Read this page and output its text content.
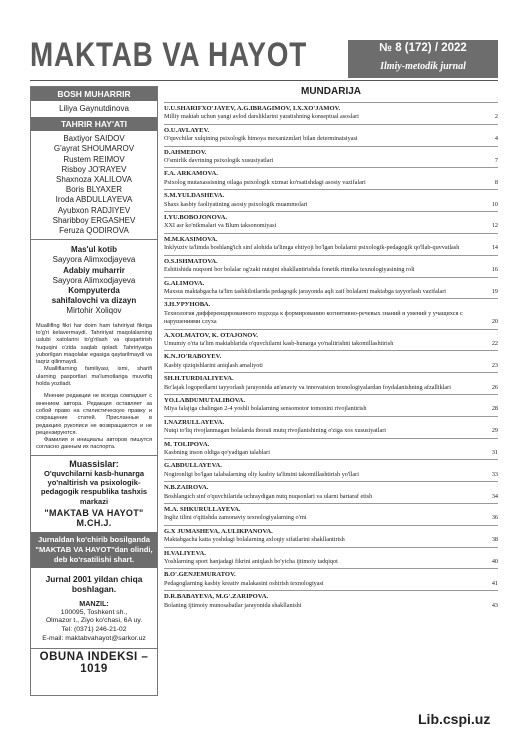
MAKTAB VA HAYOT	№ 8 (172) / 2022
Ilmiy-metodik jurnal
BOSH MUHARRIR
Liliya Gaynutdinova
TAHRIR HAY'ATI
Baxtiyor SAIDOV
G'ayrat SHOUMAROV
Rustem REIMOV
Risboy JO'RAYEV
Shaxnoza XALILOVA
Boris BLYAXER
Iroda ABDULLAYEVA
Ayubxon RADJIYEV
Sharibboy ERGASHEV
Feruza QODIROVA
Mas'ul kotib
Sayyora Alimxodjayeva
Adabiy muharrir
Sayyora Alimxodjayeva
Kompyuterda sahifalovchi va dizayn
Mirtohir Xoliqov
Mualliflng fikri har doim ham tahririyat fikriga to'g'ri kelavermaydi. Tahririyat maqolalarning uslubi xatolarini to'g'rilash va qisqartirish huquqini o'zida saqlab qoladi. Tahririyatga yuborilgan maqolalar egasiga qaytarilmaydi va taqriz qilinmaydi.
Mualliflarning familiyasi, ismi, sharifi ularning pasportlari ma'lumotlariga muvofiq holda yoziladi.
Мнение редакции не всегда совпадает с мнением автора. Редакция оставляет за собой право на стилистическую правку и сокращение статей. Присланные в редакцию рукописи не возвращаются и не рецензируются.
Фамилия и инициалы авторов пишутся согласно данным их паспорта.
Muassislar:
O'quvchilarni kasb-hunarga yo'naltirish va psixologik-pedagogik respublika tashxis markazi
"MAKTAB VA HAYOT" M.CH.J.
Jurnaldan ko'chirib bosilganda "MAKTAB VA HAYOT"dan olindi, deb ko'rsatilishi shart.
Jurnal 2001 yildan chiqa boshlagan.
MANZIL:
100095, Toshkent sh.,
Olmazor t., Ziyo ko'chasi, 6A uy.
Tel: (0371) 246-21-02
E-mail: maktabvahayot@sarkor.uz
OBUNA INDEKSI – 1019
MUNDARIJA
U.U.SHARIFXO'JAYEV, A.G.IBRAGIMOV, I.X.XO'JAMOV.
Milliy maktab uchun yangi avlod darsliklarini yaratishning konseptual asoslari	2
O.U.AVLAYEV.
O'quvchilar xulqining psixologik himoya mexanizmlari bilan determinatsiyasi	4
D.AHMEDOV.
O'smirlik davrining psixologik xususiyatlari	7
F.A. ARKAMOVA.
Psixolog mutaxassisning oilaga psixologik xizmat ko'rsatishdagi asosiy vazifalari	8
S.M.YULDASHEVA.
Shaxs kasbiy faoliyatining asosiy psixologik muammolari	10
I.YU.BOBOJONOVA.
XXI asr ko'nikmalari va Blum taksonomiyasi	12
M.M.KASIMOVA.
Inklyuziv ta'limda boshlang'ich sinf alohida ta'limga ehtiyoji bo'lgan bolalarni psixologik-pedagogik qo'llab-quvvatlash	14
O.S.ISHMATOVA.
Eshitishida nuqsoni bor bolalar og'zaki nutqini shakllantirishda fonetik ritmika texnologiyasining roli	16
G.ALIMOVA.
Maxsus maktabgacha ta'lim tashkilotlarida pedagogik jarayonda aqli zaif bolalarni maktabga tayyorlash vazifalari	19
З.Н.УРУНОВА.
Технология дифференцированного подхода к формированию когнитивно-речевых знаний и умений у учащихся с нарушениями слуха	20
A.XOLMATOV, K. OTAJONOV.
Umumiy o'rta ta'lim maktablarida o'quvchilarni kasb-hunarga yo'naltirishni takomillashtirish	22
K.N.JO'RABOYEV.
Kasbiy qiziqishlarini aniqlash amaliyoti	23
SH.H.TURDIALIYEVA.
Bo'lajak logopedlarni tayyorlash jarayonida an'anaviy va innovatsion texnologiyalardan foydalanishning afzalliklari	26
YO.LABDUMUTALIBOVA.
Miya falajiga chalingan 2-4 yoshli bolalarning sensomotor tomonini rivojlantirish	28
I.NAZRULLAYEVA.
Nutqi to'liq rivojlanmagan bolalarda iboraii mutq rivojlanishining o'ziga xos xususiyatlari	29
M. TOLIPOVA.
Kasbning inson oldiga qo'yadigan talablari	31
G.ABDULLAYEVA.
Nogironligi bo'lgan talabalarning oliy kasbiy ta'limini takomillashtirish yo'llari	33
N.B.ZAIROVA.
Boshlangich sinf o'quvchilarida uchraydigan nutq nuqsonlari va ularni bartaraf etish	34
M.A. SHKURULLAYEVA.
Ingliz tilini o'qitishda zamonaviy texnologiyalarning o'rni	36
G.X JUMASHEVA, A.ULIKPANOVA.
Maktabgacha katta yoshdagi bolalarning axloqiy sifatlarini shakllantirish	38
H.VALIYEVA.
Yoshlarning sport hanjadagi fikrini aniqlash bo'yicha ijtimoiy tadqiqot	40
B.O'.GENJEMURATOV.
Pedagoglarning kasbiy kreativ malakasini oshirish texnologiyasi	41
D.R.BABAYEVA, M.G'.ZARIPOVA.
Bolaning ijtimoiy munosabatlar jarayonida shakllanishi	43
Lib.cspi.uz
